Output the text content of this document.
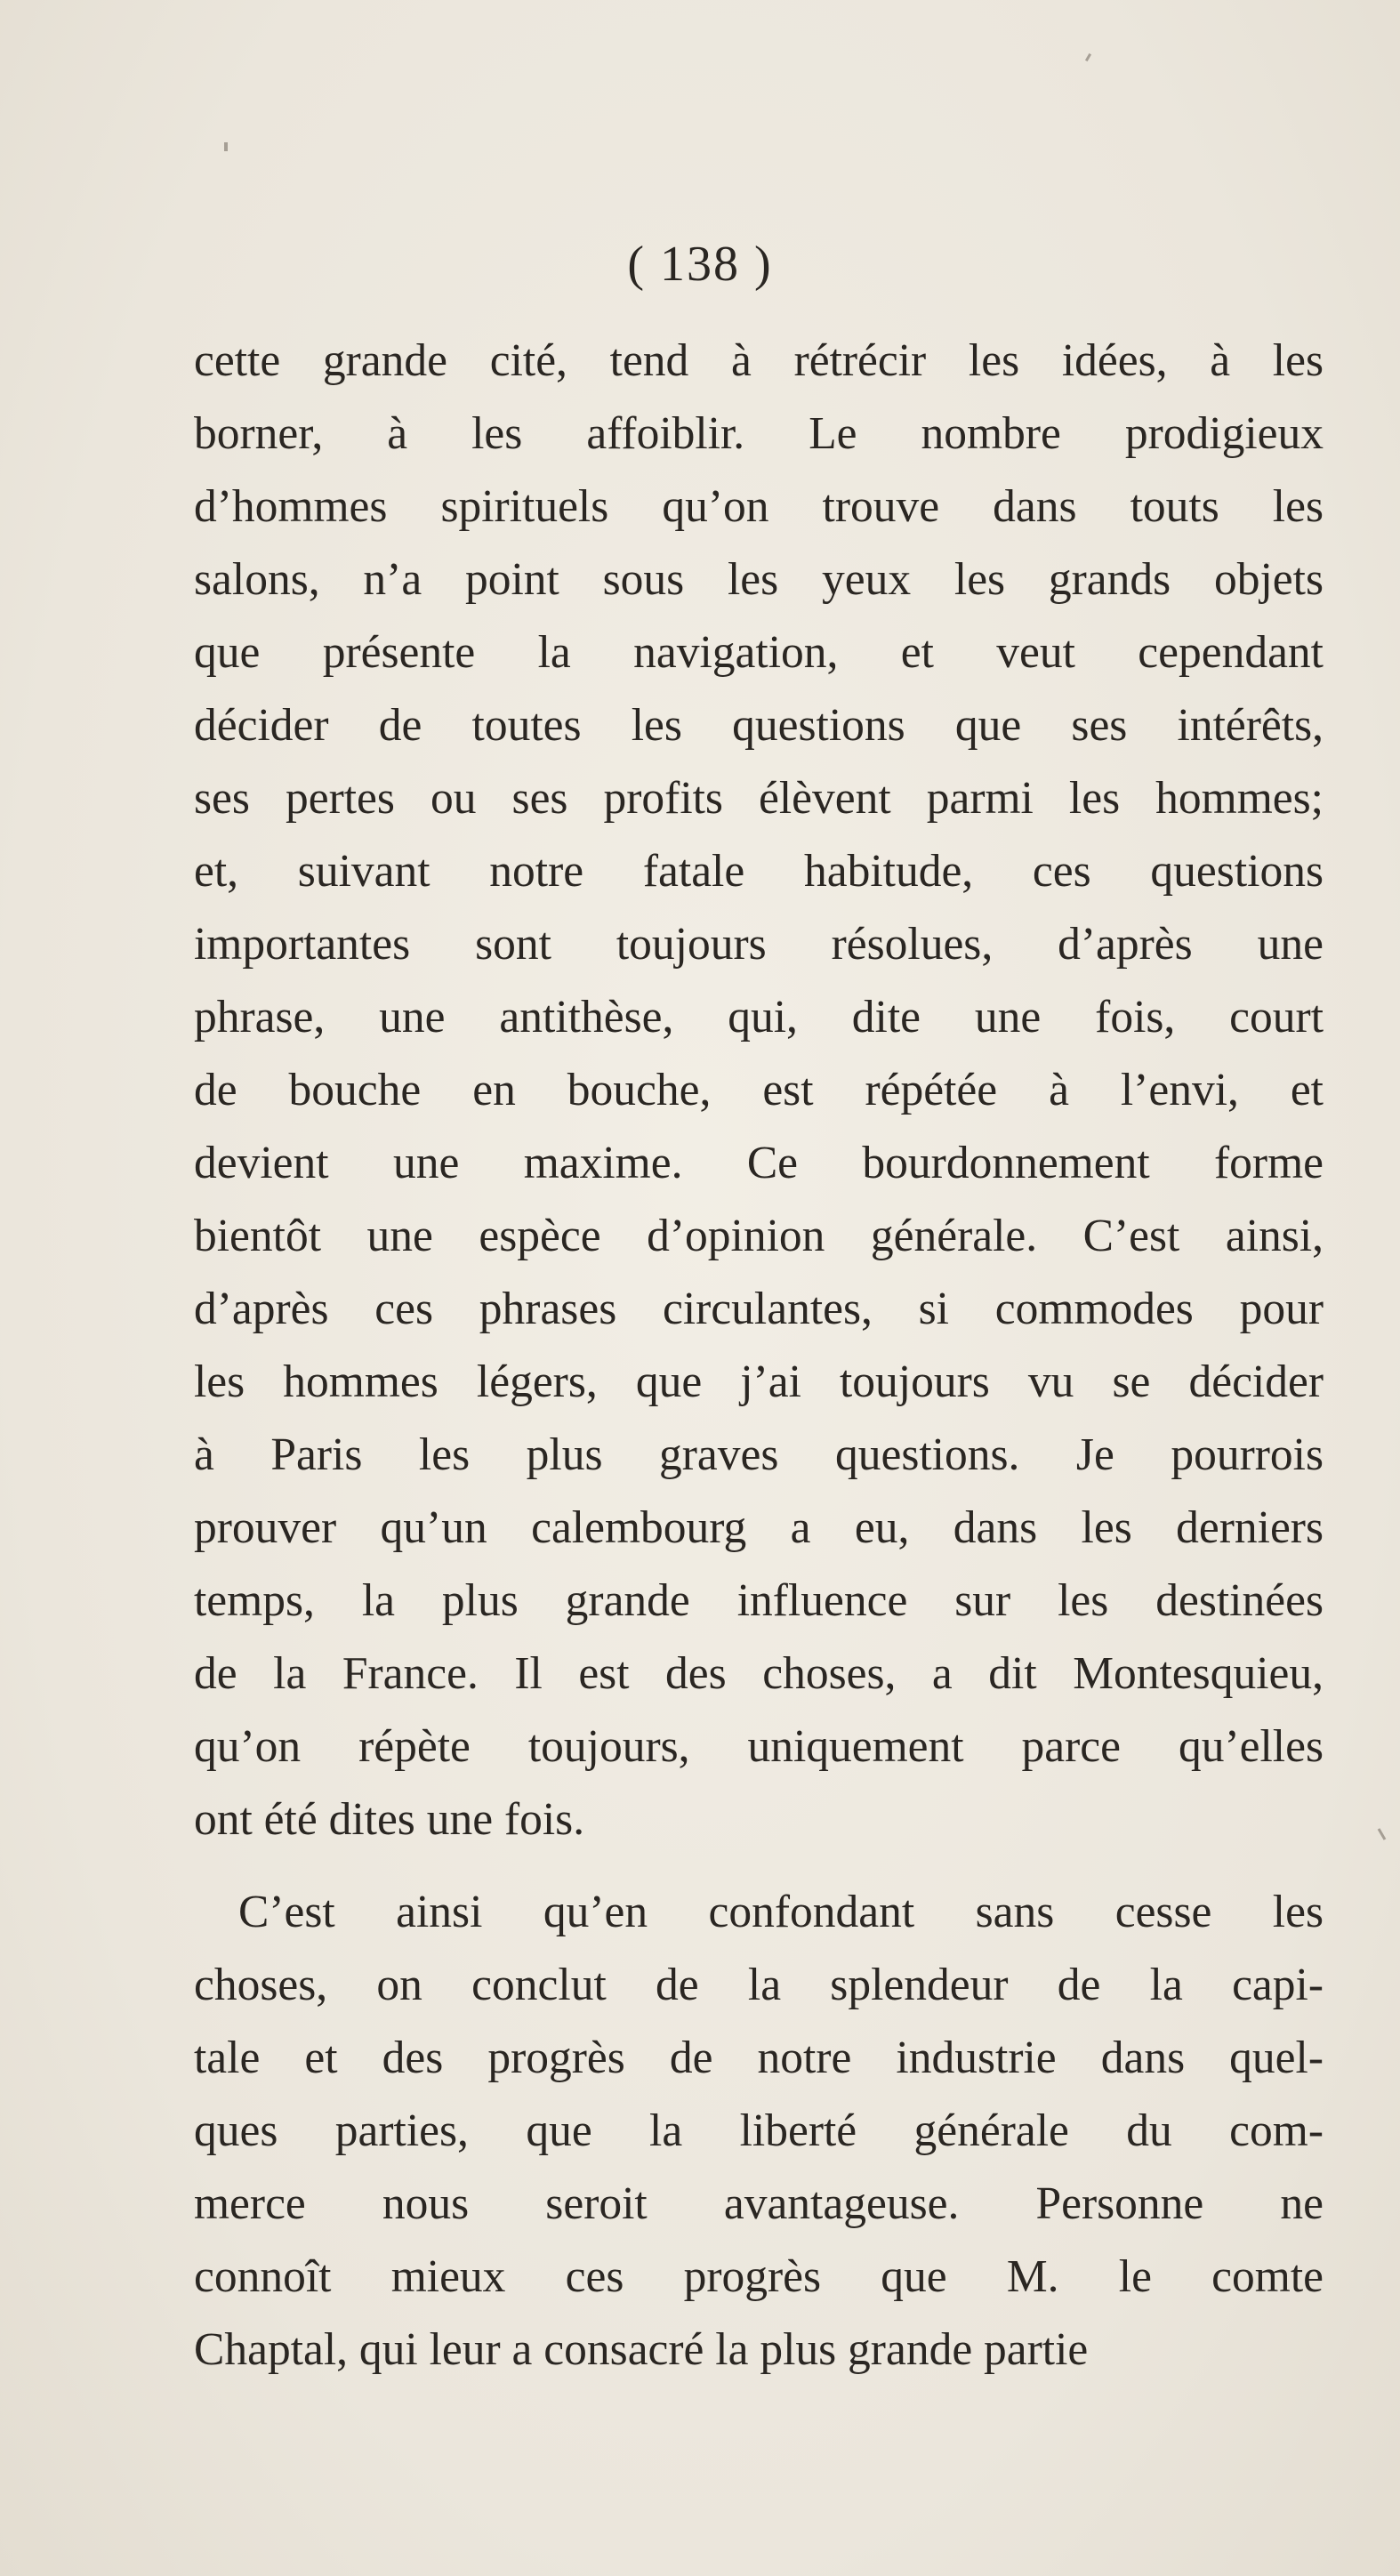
( 138 )
cette grande cité, tend à rétrécir les idées, à les
borner, à les affoiblir. Le nombre prodigieux
d’hommes spirituels qu’on trouve dans touts les
salons, n’a point sous les yeux les grands objets
que présente la navigation, et veut cependant
décider de toutes les questions que ses intérêts,
ses pertes ou ses profits élèvent parmi les hommes;
et, suivant notre fatale habitude, ces questions
importantes sont toujours résolues, d’après une
phrase, une antithèse, qui, dite une fois, court
de bouche en bouche, est répétée à l’envi, et
devient une maxime. Ce bourdonnement forme
bientôt une espèce d’opinion générale. C’est ainsi,
d’après ces phrases circulantes, si commodes pour
les hommes légers, que j’ai toujours vu se décider
à Paris les plus graves questions. Je pourrois
prouver qu’un calembourg a eu, dans les derniers
temps, la plus grande influence sur les destinées
de la France. Il est des choses, a dit Montesquieu,
qu’on répète toujours, uniquement parce qu’elles
ont été dites une fois.
C’est ainsi qu’en confondant sans cesse les
choses, on conclut de la splendeur de la capi-
tale et des progrès de notre industrie dans quel-
ques parties, que la liberté générale du com-
merce nous seroit avantageuse. Personne ne
connoît mieux ces progrès que M. le comte
Chaptal, qui leur a consacré la plus grande partie
